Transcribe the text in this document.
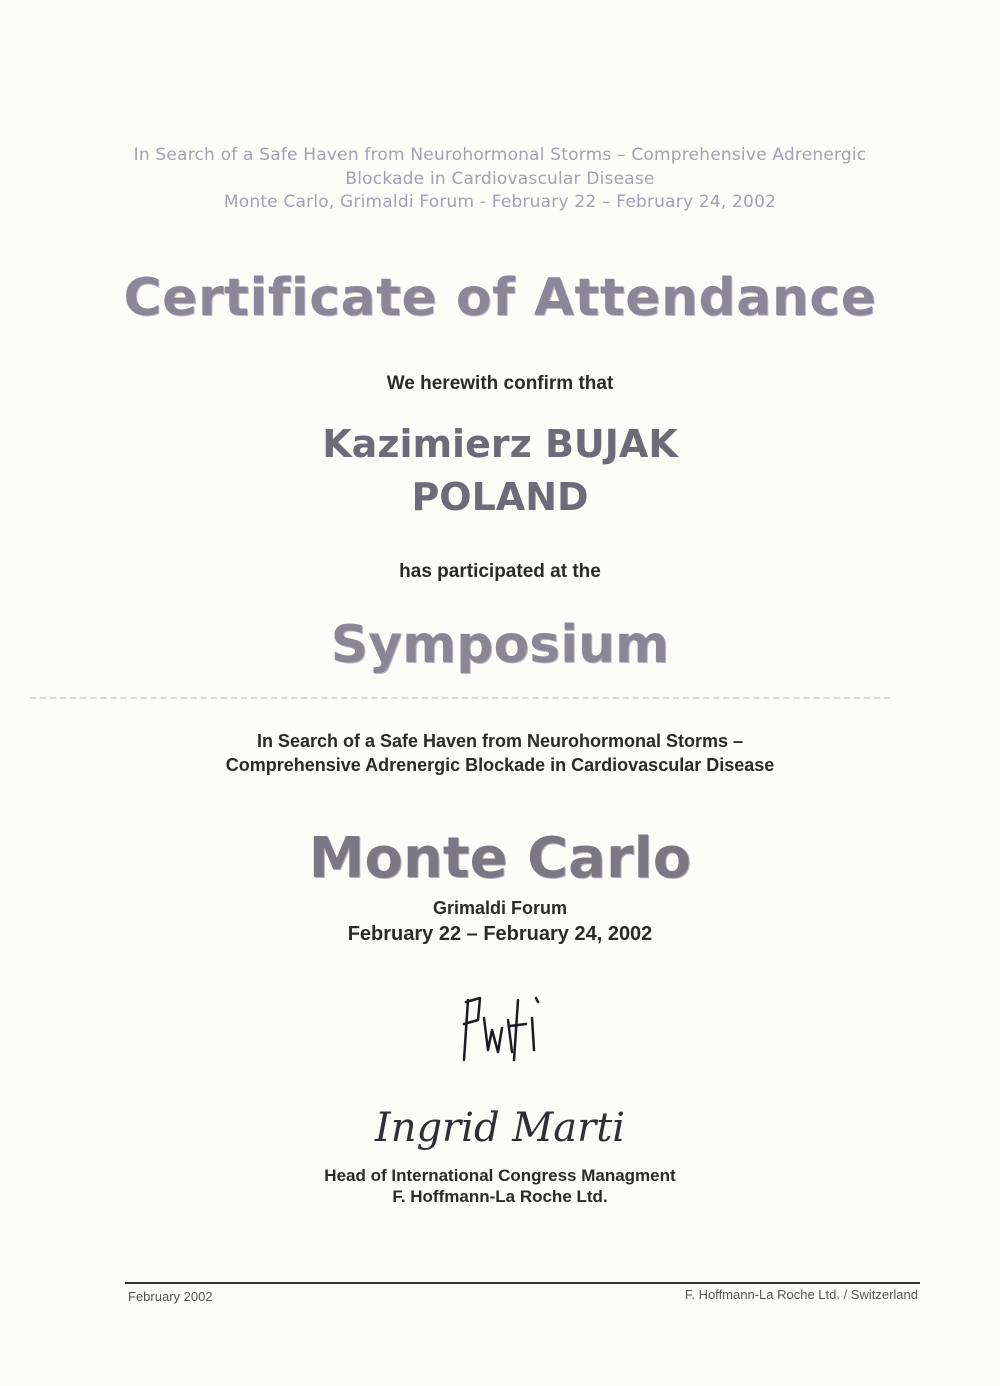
In Search of a Safe Haven from Neurohormonal Storms – Comprehensive Adrenergic
Blockade in Cardiovascular Disease
Monte Carlo, Grimaldi Forum - February 22 – February 24, 2002
Certificate of Attendance
We herewith confirm that
Kazimierz BUJAK
POLAND
has participated at the
Symposium
In Search of a Safe Haven from Neurohormonal Storms –
Comprehensive Adrenergic Blockade in Cardiovascular Disease
Monte Carlo
Grimaldi Forum
February 22 – February 24, 2002
Ingrid Marti
Head of International Congress Managment
F. Hoffmann-La Roche Ltd.
February 2002	F. Hoffmann-La Roche Ltd. / Switzerland
